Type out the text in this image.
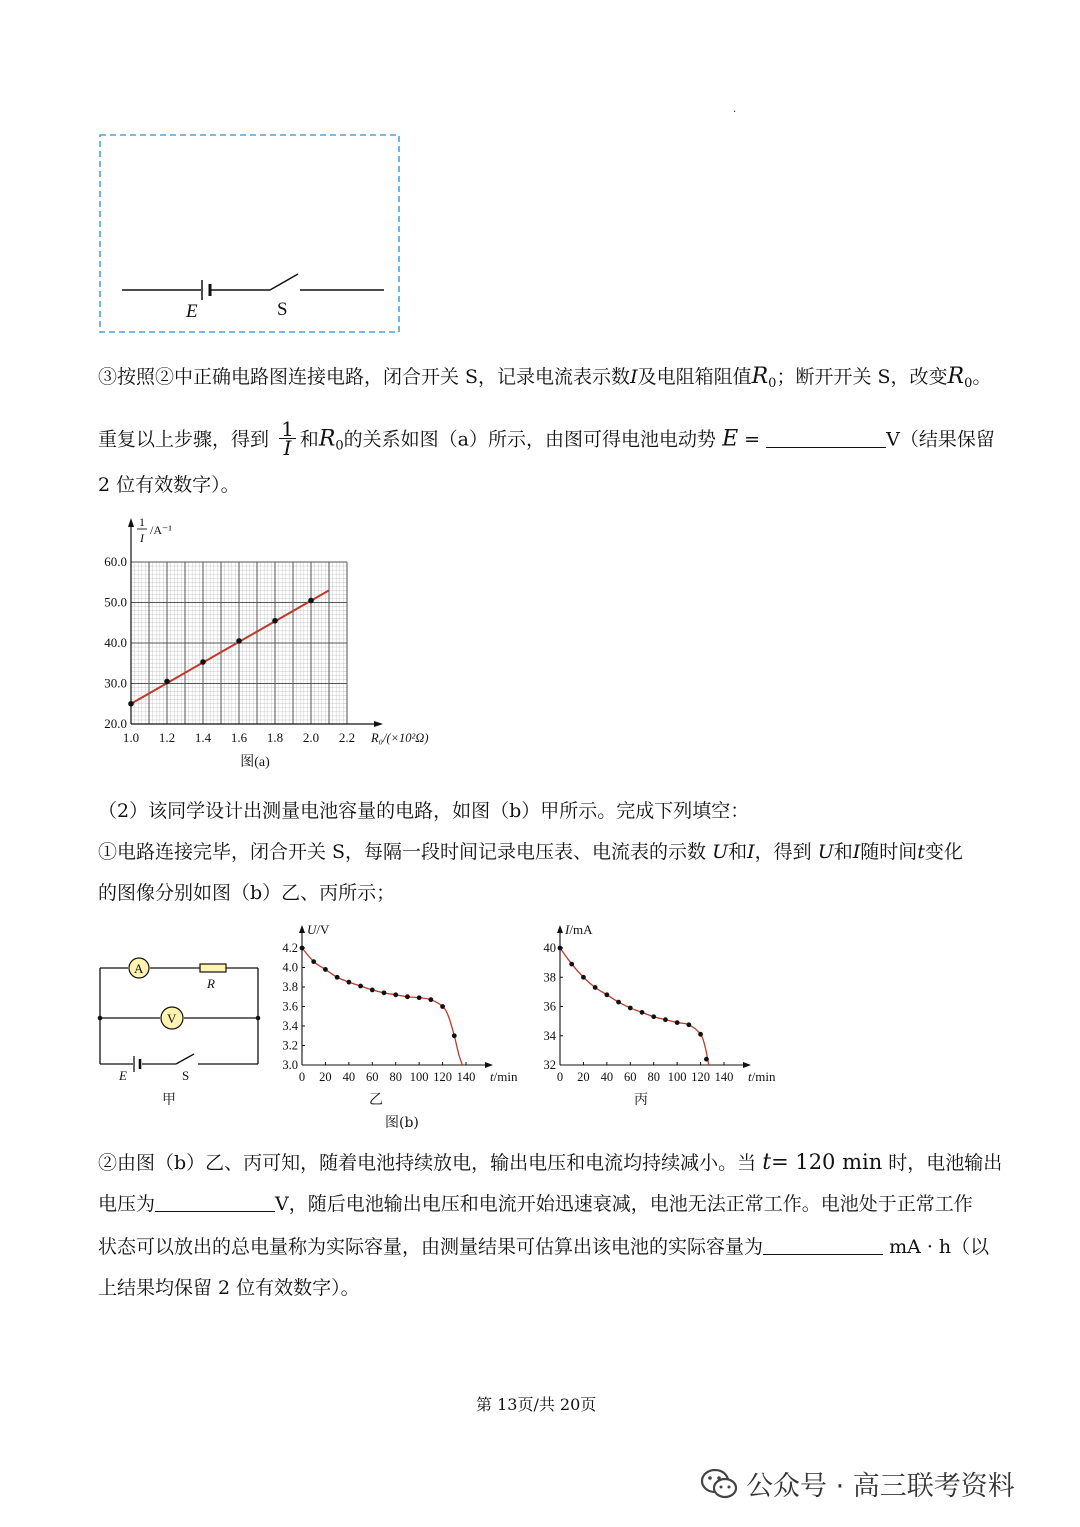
.
E	S
③按照②中正确电路图连接电路，闭合开关 S，记录电流表示数I及电阻箱阻值$R_0$；断开开关 S，改变$R_0$。
重复以上步骤，得到 $\frac{1}{I}$ 和$R_0$的关系如图（a）所示，由图可得电池电动势 E =	V（结果保留
2 位有效数字）。
1.0 1.2 1.4 1.6 1.8 2.0 2.2
20.0
30.0
40.0
50.0
60.0
1
I
/A⁻¹
R₀/(×10²Ω)
图(a)
（2）该同学设计出测量电池容量的电路，如图（b）甲所示。完成下列填空：
①电路连接完毕，闭合开关 S，每隔一段时间记录电压表、电流表的示数 U和I，得到 U和I随时间t变化
的图像分别如图（b）乙、丙所示；
A
R
V
E	S
甲
0 20 40 60 80 100 120 140
3.0
3.2
3.4
3.6
3.8
4.0
4.2
U/V
t/min
乙
0 20 40 60 80 100 120 140
32
34
36
38
40
I/mA
t/min
丙
图(b)
②由图（b）乙、丙可知，随着电池持续放电，输出电压和电流均持续减小。当 t= 120 min 时，电池输出
电压为	V，随后电池输出电压和电流开始迅速衰减，电池无法正常工作。电池处于正常工作
状态可以放出的总电量称为实际容量，由测量结果可估算出该电池的实际容量为	mA · h（以
上结果均保留 2 位有效数字）。
第 13页/共 20页
公众号 · 高三联考资料
